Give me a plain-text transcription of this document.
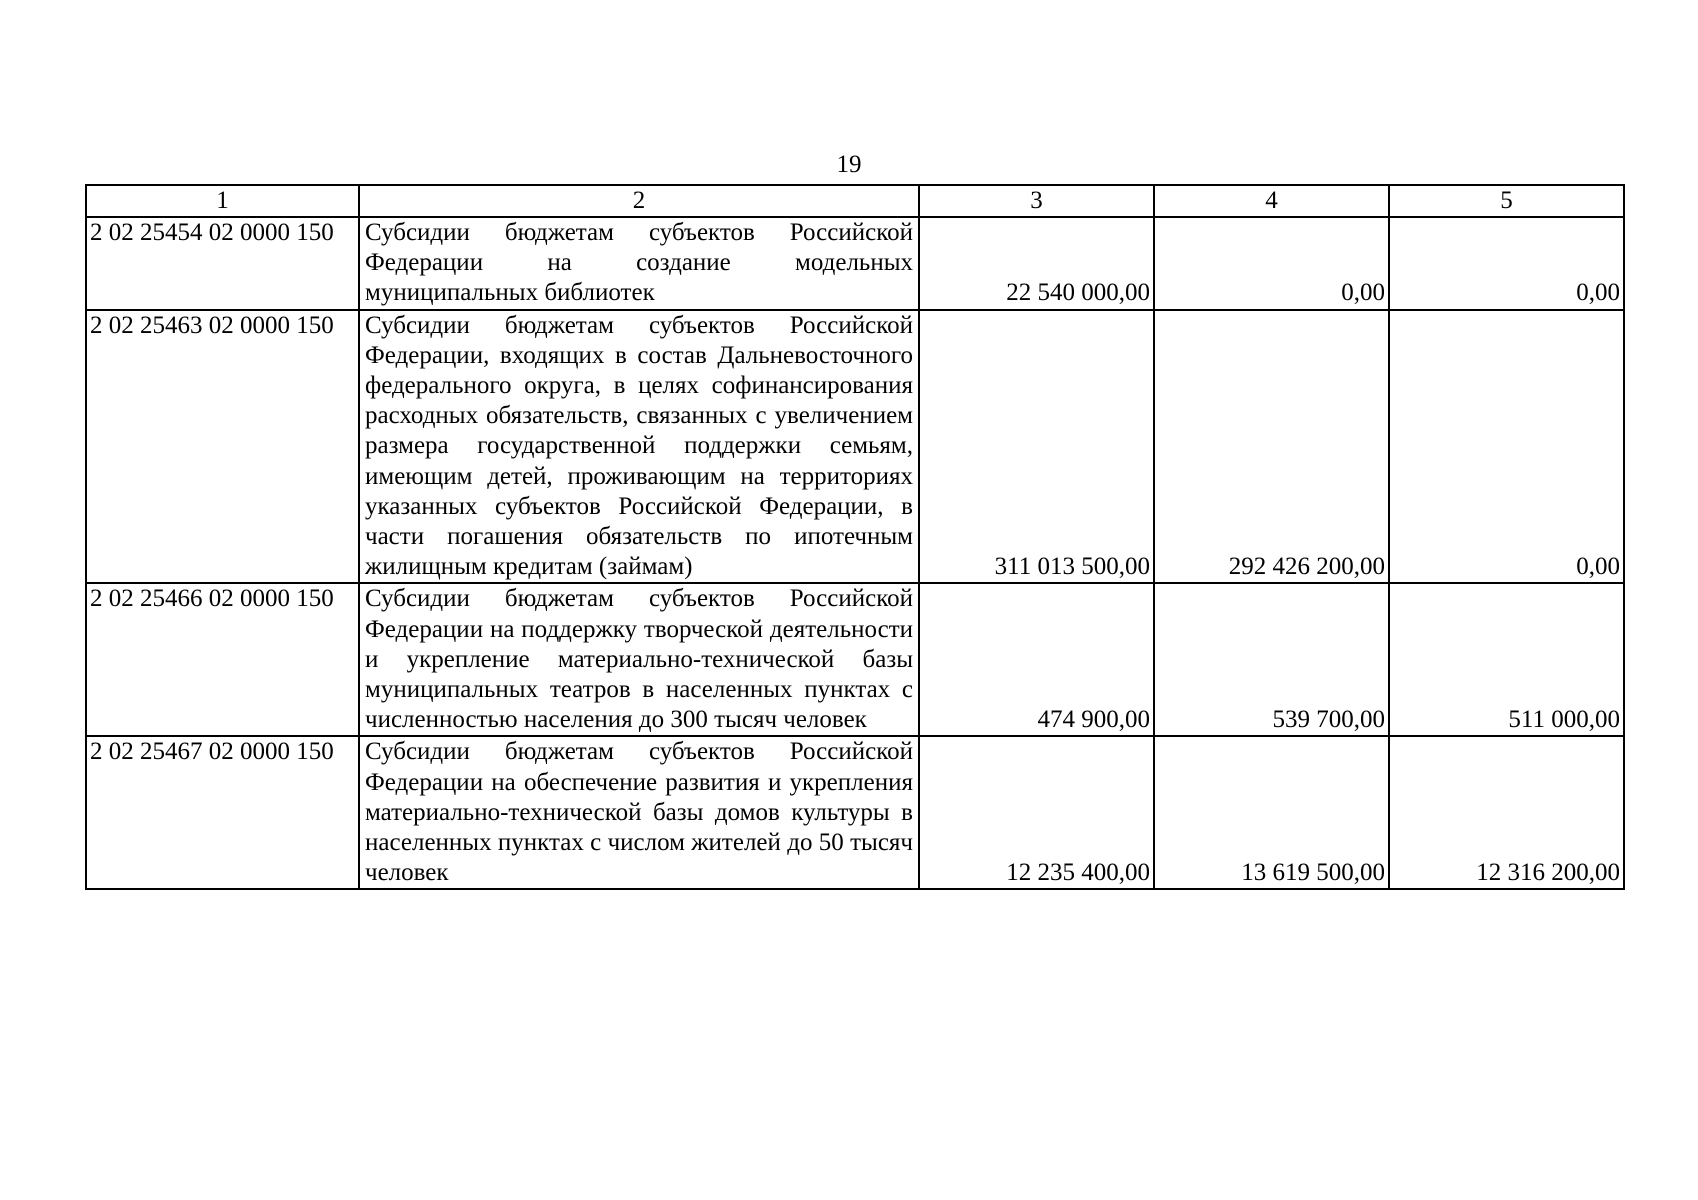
19
1	2	3	4	5
2 02 25454 02 0000 150	Субсидии бюджетам субъектов Российской Федерации на создание модельных муниципальных библиотек	22 540 000,00	0,00	0,00
2 02 25463 02 0000 150	Субсидии бюджетам субъектов Российской Федерации, входящих в состав Дальневосточного федерального округа, в целях софинансирования расходных обязательств, связанных с увеличением размера государственной поддержки семьям, имеющим детей, проживающим на территориях указанных субъектов Российской Федерации, в части погашения обязательств по ипотечным жилищным кредитам (займам)	311 013 500,00	292 426 200,00	0,00
2 02 25466 02 0000 150	Субсидии бюджетам субъектов Российской Федерации на поддержку творческой деятельности и укрепление материально-технической базы муниципальных театров в населенных пунктах с численностью населения до 300 тысяч человек	474 900,00	539 700,00	511 000,00
2 02 25467 02 0000 150	Субсидии бюджетам субъектов Российской Федерации на обеспечение развития и укрепления материально-технической базы домов культуры в населенных пунктах с числом жителей до 50 тысяч человек	12 235 400,00	13 619 500,00	12 316 200,00
